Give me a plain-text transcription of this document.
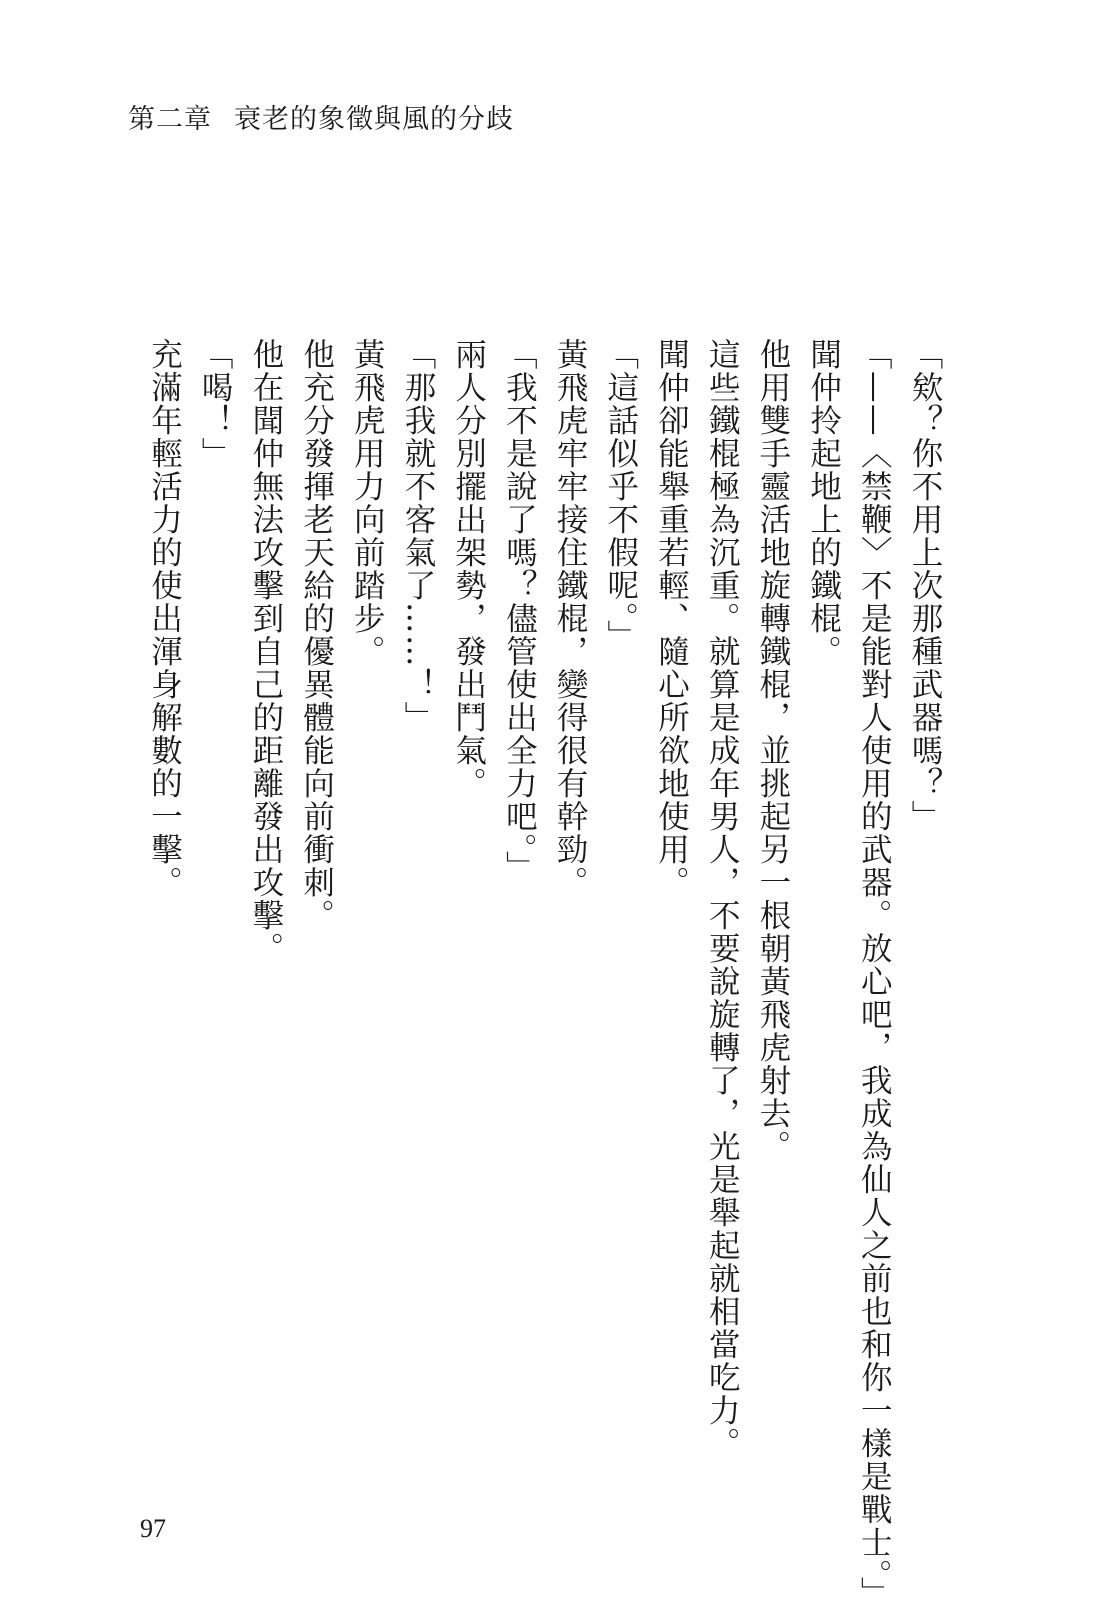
第二章 衰老的象徵與風的分歧

「欸？你不用上次那種武器嗎？」

「——〈禁鞭〉不是能對人使用的武器。放心吧，我成為仙人之前也和你一樣是戰士。」

聞仲拎起地上的鐵棍。

他用雙手靈活地旋轉鐵棍，並挑起另一根朝黃飛虎射去。

這些鐵棍極為沉重。就算是成年男人，不要說旋轉了，光是舉起就相當吃力。

聞仲卻能舉重若輕、隨心所欲地使用。

「這話似乎不假呢。」

黃飛虎牢牢接住鐵棍，變得很有幹勁。

「我不是說了嗎？儘管使出全力吧。」

兩人分別擺出架勢，發出鬥氣。

「那我就不客氣了……！」

黃飛虎用力向前踏步。

他充分發揮老天給的優異體能向前衝刺。

他在聞仲無法攻擊到自己的距離發出攻擊。

「喝！」

充滿年輕活力的使出渾身解數的一擊。

97
